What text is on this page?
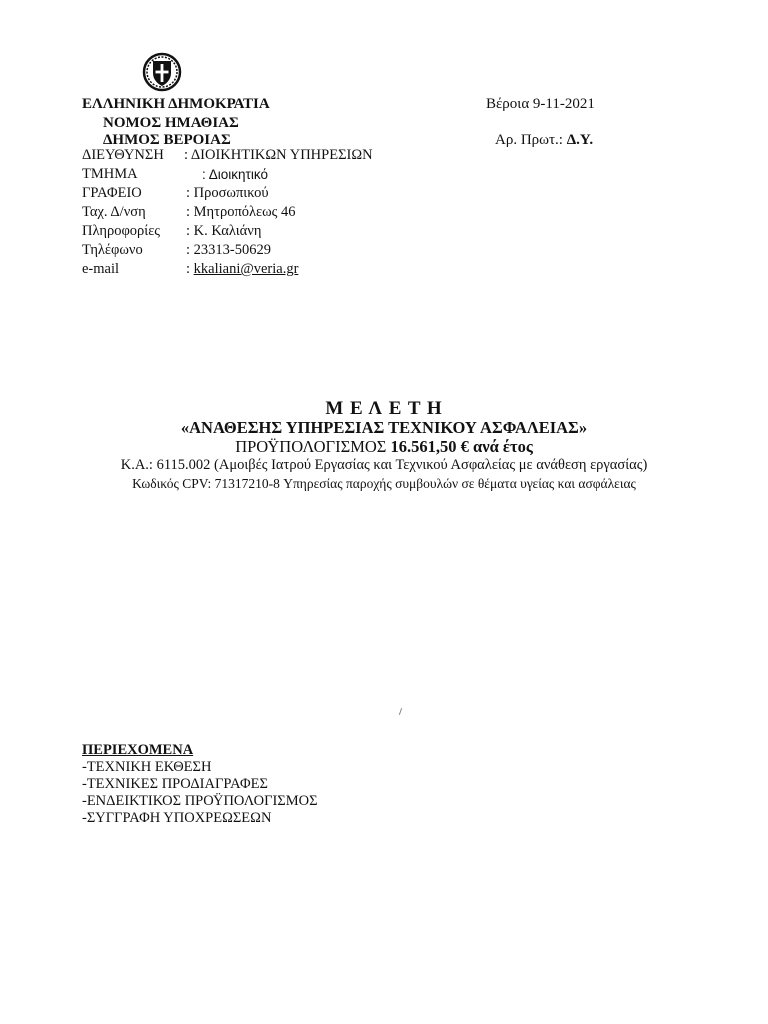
ΕΛΛΗΝΙΚΗ ΔΗΜΟΚΡΑΤΙΑ
ΝΟΜΟΣ ΗΜΑΘΙΑΣ
ΔΗΜΟΣ ΒΕΡΟΙΑΣ
Βέροια 9-11-2021
Αρ. Πρωτ.: Δ.Υ.
ΔΙΕΥΘΥΝΣΗ : ΔΙΟΙΚΗΤΙΚΩΝ ΥΠΗΡΕΣΙΩΝ
ΤΜΗΜΑ	: Διοικητικό
ΓΡΑΦΕΙΟ	: Προσωπικού
Ταχ. Δ/νση	: Μητροπόλεως 46
Πληροφορίες : Κ. Καλιάνη
Τηλέφωνο	: 23313-50629
e-mail	: kkaliani@veria.gr
Μ Ε Λ Ε Τ Η
«ΑΝΑΘΕΣΗΣ ΥΠΗΡΕΣΙΑΣ ΤΕΧΝΙΚΟΥ ΑΣΦΑΛΕΙΑΣ»
ΠΡΟΫΠΟΛΟΓΙΣΜΟΣ 16.561,50 € ανά έτος
Κ.Α.: 6115.002 (Αμοιβές Ιατρού Εργασίας και Τεχνικού Ασφαλείας με ανάθεση εργασίας)
Κωδικός CPV: 71317210-8 Υπηρεσίας παροχής συμβουλών σε θέματα υγείας και ασφάλειας
ΠΕΡΙΕΧΟΜΕΝΑ
-ΤΕΧΝΙΚΗ ΕΚΘΕΣΗ
-ΤΕΧΝΙΚΕΣ ΠΡΟΔΙΑΓΡΑΦΕΣ
-ΕΝΔΕΙΚΤΙΚΟΣ ΠΡΟΫΠΟΛΟΓΙΣΜΟΣ
-ΣΥΓΓΡΑΦΗ ΥΠΟΧΡΕΩΣΕΩΝ
